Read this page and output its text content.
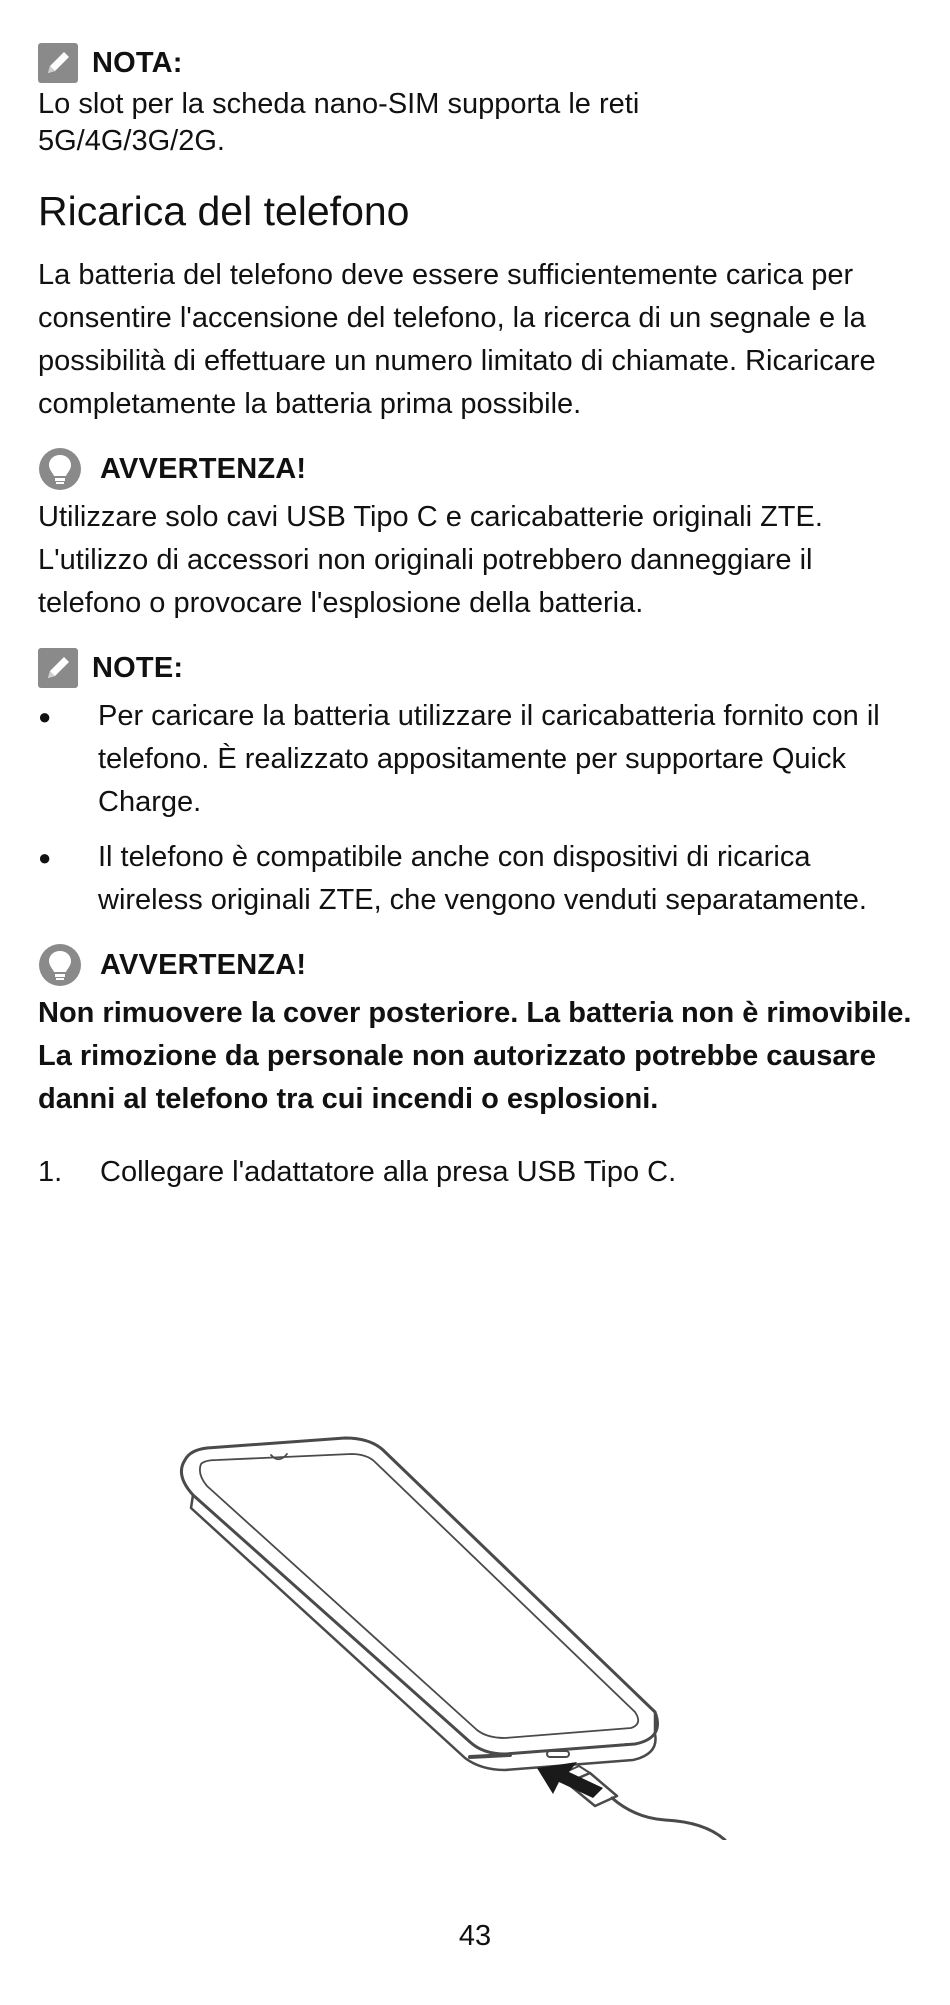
NOTA:

Lo slot per la scheda nano-SIM supporta le reti 5G/4G/3G/2G.

Ricarica del telefono

La batteria del telefono deve essere sufficientemente carica per consentire l'accensione del telefono, la ricerca di un segnale e la possibilità di effettuare un numero limitato di chiamate. Ricaricare completamente la batteria prima possibile.

AVVERTENZA!

Utilizzare solo cavi USB Tipo C e caricabatterie originali ZTE. L'utilizzo di accessori non originali potrebbero danneggiare il telefono o provocare l'esplosione della batteria.

NOTE:
● Per caricare la batteria utilizzare il caricabatteria fornito con il telefono. È realizzato appositamente per supportare Quick Charge.
● Il telefono è compatibile anche con dispositivi di ricarica wireless originali ZTE, che vengono venduti separatamente.
AVVERTENZA!

Non rimuovere la cover posteriore. La batteria non è rimovibile. La rimozione da personale non autorizzato potrebbe causare danni al telefono tra cui incendi o esplosioni.

1.	Collegare l'adattatore alla presa USB Tipo C.
43
